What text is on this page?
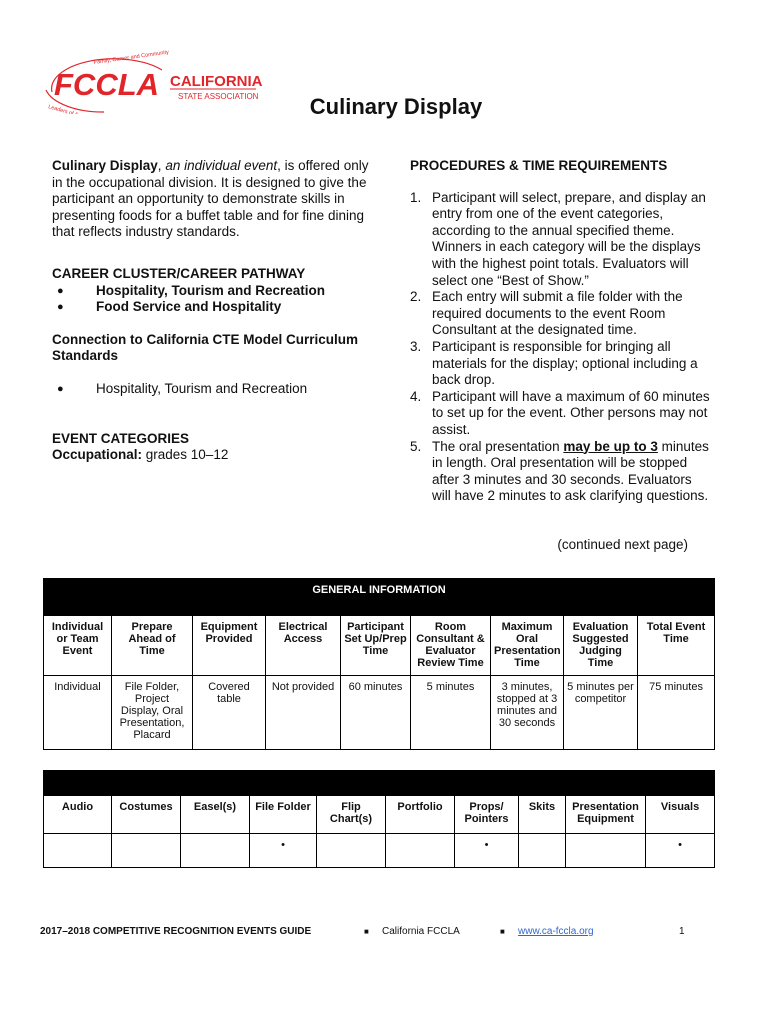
FCCLA CALIFORNIA
STATE ASSOCIATION
Family, Career and Community
Leaders of America	Culinary Display

Culinary Display, an individual event, is offered only in the occupational division. It is designed to give the participant an opportunity to demonstrate skills in presenting foods for a buffet table and for fine dining that reflects industry standards.

CAREER CLUSTER/CAREER PATHWAY

● Hospitality, Tourism and Recreation
● Food Service and Hospitality

Connection to California CTE Model Curriculum Standards

● Hospitality, Tourism and Recreation

EVENT CATEGORIES

Occupational: grades 10–12

PROCEDURES & TIME REQUIREMENTS

1. Participant will select, prepare, and display an entry from one of the event categories, according to the annual specified theme. Winners in each category will be the displays with the highest point totals. Evaluators will select one “Best of Show.”
2. Each entry will submit a file folder with the required documents to the event Room Consultant at the designated time.
3. Participant is responsible for bringing all materials for the display; optional including a back drop.
4. Participant will have a maximum of 60 minutes to set up for the event. Other persons may not assist.
5. The oral presentation may be up to 3 minutes in length. Oral presentation will be stopped after 3 minutes and 30 seconds. Evaluators will have 2 minutes to ask clarifying questions.
(continued next page)
GENERAL INFORMATION								
Individual or Team Event	Prepare Ahead of Time	Equipment Provided	Electrical Access	Participant Set Up/Prep Time	Room Consultant & Evaluator Review Time	Maximum Oral Presentation Time	Evaluation Suggested Judging Time	Total Event Time
Individual	File Folder, Project Display, Oral Presentation, Placard	Covered table	Not provided	60 minutes	5 minutes	3 minutes, stopped at 3 minutes and 30 seconds	5 minutes per competitor	75 minutes

Audio	Costumes	Easel(s)	File Folder	Flip Chart(s)	Portfolio	Props/ Pointers	Skits	Presentation Equipment	Visuals
			•			•			•
2017–2018 COMPETITIVE RECOGNITION EVENTS GUIDE	■ California FCCLA	■ www.ca-fccla.org	1
